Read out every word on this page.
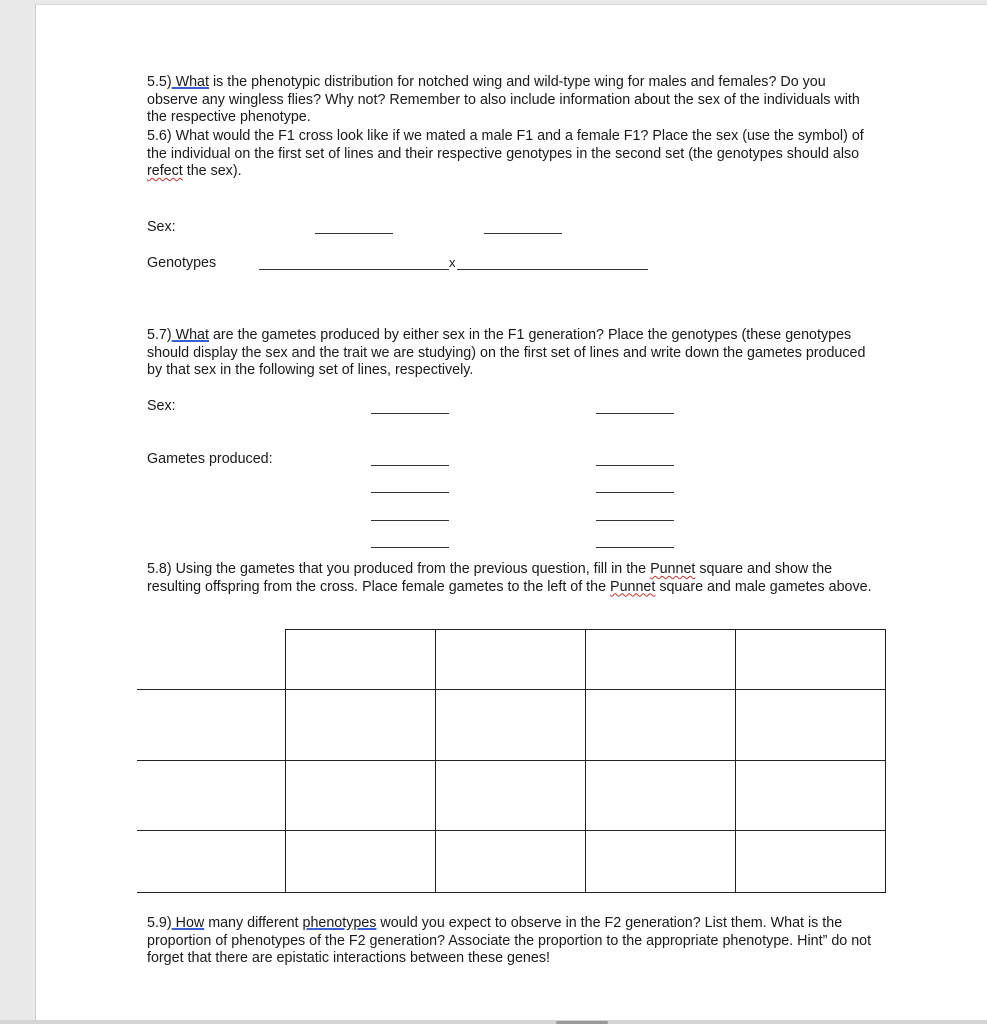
5.5) What is the phenotypic distribution for notched wing and wild-type wing for males and females? Do you observe any wingless flies? Why not? Remember to also include information about the sex of the individuals with the respective phenotype.

5.6) What would the F1 cross look like if we mated a male F1 and a female F1? Place the sex (use the symbol) of the individual on the first set of lines and their respective genotypes in the second set (the genotypes should also refect the sex).

Sex:
Genotypes	x

5.7) What are the gametes produced by either sex in the F1 generation? Place the genotypes (these genotypes should display the sex and the trait we are studying) on the first set of lines and write down the gametes produced by that sex in the following set of lines, respectively.

Sex:
Gametes produced:

5.8) Using the gametes that you produced from the previous question, fill in the Punnet square and show the resulting offspring from the cross. Place female gametes to the left of the Punnet square and male gametes above.

5.9) How many different phenotypes would you expect to observe in the F2 generation? List them. What is the proportion of phenotypes of the F2 generation? Associate the proportion to the appropriate phenotype. Hint” do not forget that there are epistatic interactions between these genes!
